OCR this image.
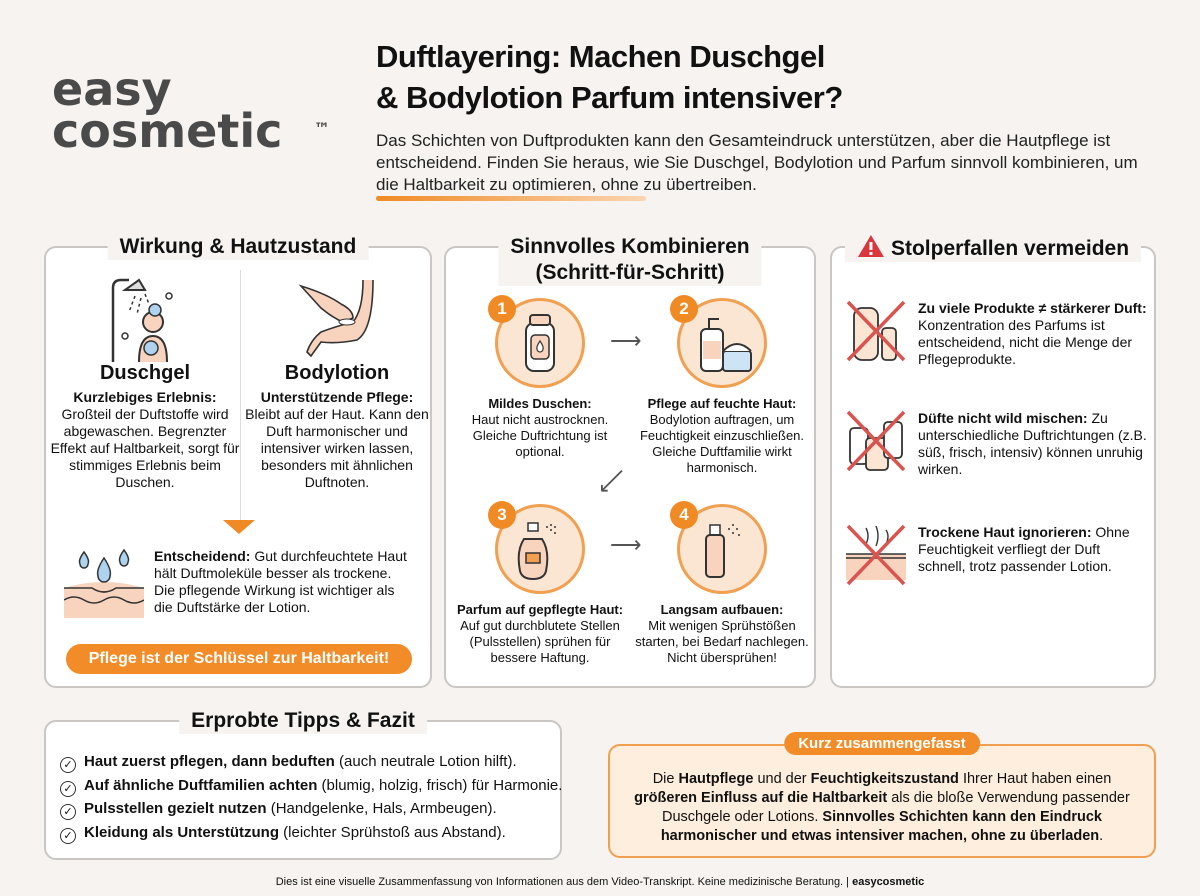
easy
cosmetic ™
Duftlayering: Machen Duschgel
& Bodylotion Parfum intensiver?

Das Schichten von Duftprodukten kann den Gesamteindruck unterstützen, aber die Hautpflege ist entscheidend. Finden Sie heraus, wie Sie Duschgel, Bodylotion und Parfum sinnvoll kombinieren, um die Haltbarkeit zu optimieren, ohne zu übertreiben.

Wirkung & Hautzustand
Duschgel

Kurzlebiges Erlebnis:
Großteil der Duftstoffe wird abgewaschen. Begrenzter Effekt auf Haltbarkeit, sorgt für stimmiges Erlebnis beim Duschen.

Bodylotion

Unterstützende Pflege:
Bleibt auf der Haut. Kann den Duft harmonischer und intensiver wirken lassen, besonders mit ähnlichen Duftnoten.

Entscheidend: Gut durchfeuchtete Haut hält Duftmoleküle besser als trockene. Die pflegende Wirkung ist wichtiger als die Duftstärke der Lotion.

Pflege ist der Schlüssel zur Haltbarkeit!
Sinnvolles Kombinieren
(Schritt-für-Schritt)
1

Mildes Duschen:
Haut nicht austrocknen. Gleiche Duftrichtung ist optional.

⟶
2

Pflege auf feuchte Haut:
Bodylotion auftragen, um Feuchtigkeit einzuschließen. Gleiche Duftfamilie wirkt harmonisch.

⟶
3

Parfum auf gepflegte Haut:
Auf gut durchblutete Stellen (Pulsstellen) sprühen für bessere Haftung.

⟶
4

Langsam aufbauen:
Mit wenigen Sprühstößen starten, bei Bedarf nachlegen. Nicht übersprühen!

Stolperfallen vermeiden

Zu viele Produkte ≠ stärkerer Duft: Konzentration des Parfums ist entscheidend, nicht die Menge der Pflegeprodukte.

Düfte nicht wild mischen: Zu unterschiedliche Duftrichtungen (z.B. süß, frisch, intensiv) können unruhig wirken.

Trockene Haut ignorieren: Ohne Feuchtigkeit verfliegt der Duft schnell, trotz passender Lotion.

Erprobte Tipps & Fazit
✓ Haut zuerst pflegen, dann beduften (auch neutrale Lotion hilft).
✓ Auf ähnliche Duftfamilien achten (blumig, holzig, frisch) für Harmonie.
✓ Pulsstellen gezielt nutzen (Handgelenke, Hals, Armbeugen).
✓ Kleidung als Unterstützung (leichter Sprühstoß aus Abstand).
Kurz zusammengefasst

Die Hautpflege und der Feuchtigkeitszustand Ihrer Haut haben einen größeren Einfluss auf die Haltbarkeit als die bloße Verwendung passender Duschgele oder Lotions. Sinnvolles Schichten kann den Eindruck harmonischer und etwas intensiver machen, ohne zu überladen.

Dies ist eine visuelle Zusammenfassung von Informationen aus dem Video-Transkript. Keine medizinische Beratung. | easycosmetic
